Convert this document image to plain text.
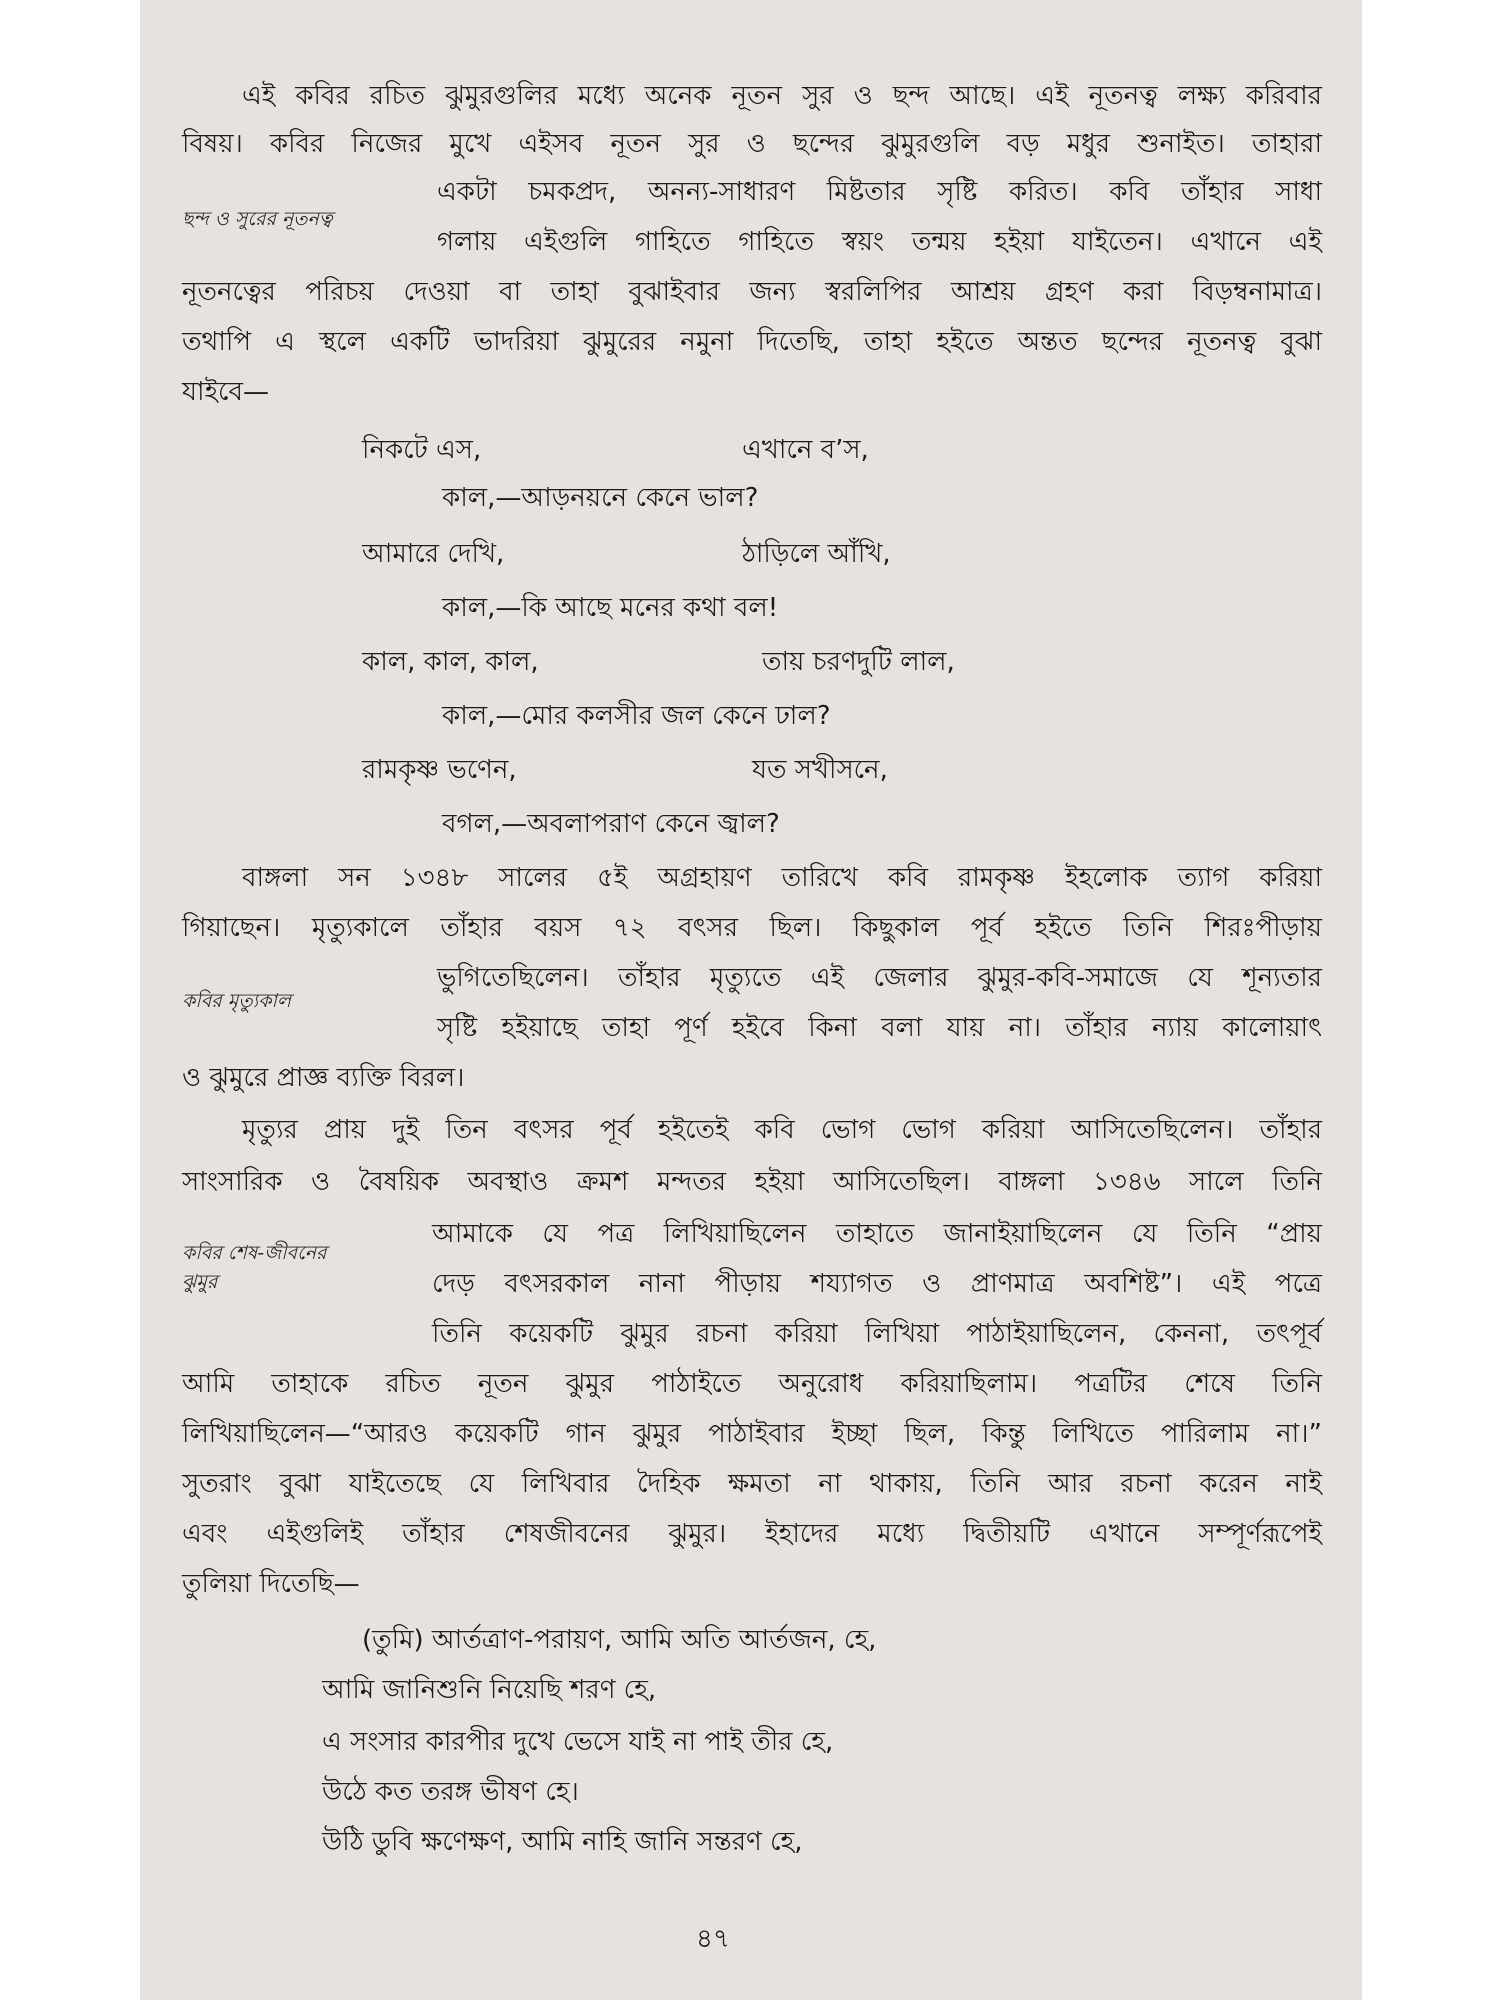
এই কবির রচিত ঝুমুরগুলির মধ্যে অনেক নূতন সুর ও ছন্দ আছে। এই নূতনত্ব লক্ষ্য করিবার
বিষয়। কবির নিজের মুখে এইসব নূতন সুর ও ছন্দের ঝুমুরগুলি বড় মধুর শুনাইত। তাহারা
একটা চমকপ্রদ, অনন্য-সাধারণ মিষ্টতার সৃষ্টি করিত। কবি তাঁহার সাধা
ছন্দ ও সুরের নূতনত্ব
গলায় এইগুলি গাহিতে গাহিতে স্বয়ং তন্ময় হইয়া যাইতেন। এখানে এই
নূতনত্বের পরিচয় দেওয়া বা তাহা বুঝাইবার জন্য স্বরলিপির আশ্রয় গ্রহণ করা বিড়ম্বনামাত্র।
তথাপি এ স্থলে একটি ভাদরিয়া ঝুমুরের নমুনা দিতেছি, তাহা হইতে অন্তত ছন্দের নূতনত্ব বুঝা
যাইবে—
নিকটে এস,	এখানে ব’স,
কাল,—আড়নয়নে কেনে ভাল?
আমারে দেখি,	ঠাড়িলে আঁখি,
কাল,—কি আছে মনের কথা বল!
কাল, কাল, কাল,	তায় চরণদুটি লাল,
কাল,—মোর কলসীর জল কেনে ঢাল?
রামকৃষ্ণ ভণেন,	যত সখীসনে,
বগল,—অবলাপরাণ কেনে জ্বাল?
বাঙ্গলা সন ১৩৪৮ সালের ৫ই অগ্রহায়ণ তারিখে কবি রামকৃষ্ণ ইহলোক ত্যাগ করিয়া
গিয়াছেন। মৃত্যুকালে তাঁহার বয়স ৭২ বৎসর ছিল। কিছুকাল পূর্ব হইতে তিনি শিরঃপীড়ায়
ভুগিতেছিলেন। তাঁহার মৃত্যুতে এই জেলার ঝুমুর-কবি-সমাজে যে শূন্যতার
কবির মৃত্যুকাল
সৃষ্টি হইয়াছে তাহা পূর্ণ হইবে কিনা বলা যায় না। তাঁহার ন্যায় কালোয়াৎ
ও ঝুমুরে প্রাজ্ঞ ব্যক্তি বিরল।
মৃত্যুর প্রায় দুই তিন বৎসর পূর্ব হইতেই কবি ভোগ ভোগ করিয়া আসিতেছিলেন। তাঁহার
সাংসারিক ও বৈষয়িক অবস্থাও ক্রমশ মন্দতর হইয়া আসিতেছিল। বাঙ্গলা ১৩৪৬ সালে তিনি
আমাকে যে পত্র লিখিয়াছিলেন তাহাতে জানাইয়াছিলেন যে তিনি “প্রায়
কবির শেষ-জীবনের
ঝুমুর	দেড় বৎসরকাল নানা পীড়ায় শয্যাগত ও প্রাণমাত্র অবশিষ্ট”। এই পত্রে
তিনি কয়েকটি ঝুমুর রচনা করিয়া লিখিয়া পাঠাইয়াছিলেন, কেননা, তৎপূর্ব
আমি তাহাকে রচিত নূতন ঝুমুর পাঠাইতে অনুরোধ করিয়াছিলাম। পত্রটির শেষে তিনি
লিখিয়াছিলেন—“আরও কয়েকটি গান ঝুমুর পাঠাইবার ইচ্ছা ছিল, কিন্তু লিখিতে পারিলাম না।”
সুতরাং বুঝা যাইতেছে যে লিখিবার দৈহিক ক্ষমতা না থাকায়, তিনি আর রচনা করেন নাই
এবং এইগুলিই তাঁহার শেষজীবনের ঝুমুর। ইহাদের মধ্যে দ্বিতীয়টি এখানে সম্পূর্ণরূপেই
তুলিয়া দিতেছি—
(তুমি) আর্তত্রাণ-পরায়ণ, আমি অতি আর্তজন, হে,
আমি জানিশুনি নিয়েছি শরণ হে,
এ সংসার কারপীর দুখে ভেসে যাই না পাই তীর হে,
উঠে কত তরঙ্গ ভীষণ হে।
উঠি ডুবি ক্ষণেক্ষণ, আমি নাহি জানি সন্তরণ হে,
৪৭
